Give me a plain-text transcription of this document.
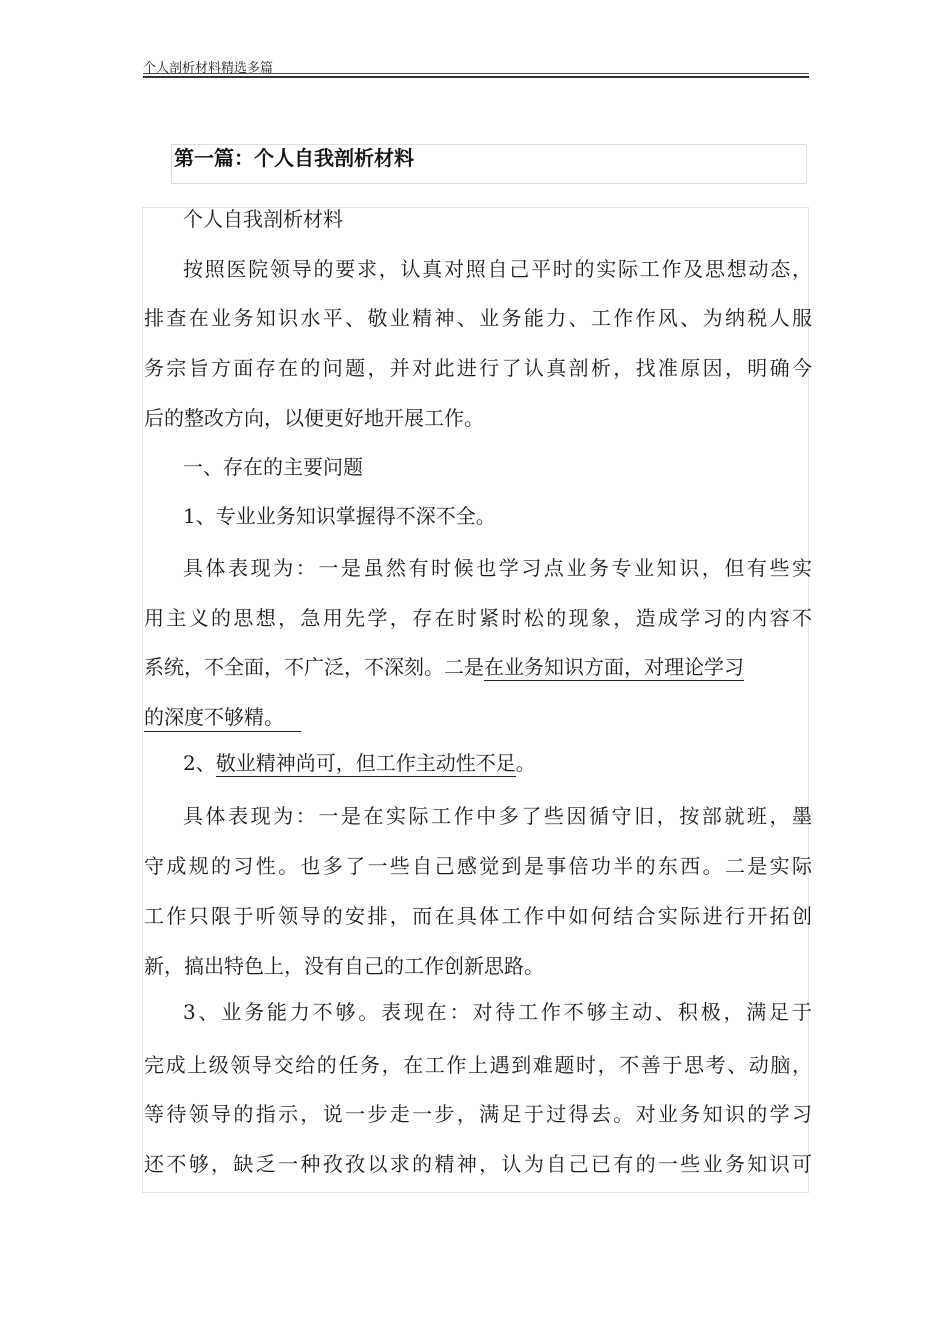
个人剖析材料精选多篇
第一篇：个人自我剖析材料
个人自我剖析材料
按照医院领导的要求，认真对照自己平时的实际工作及思想动态，
排查在业务知识水平、敬业精神、业务能力、工作作风、为纳税人服
务宗旨方面存在的问题，并对此进行了认真剖析，找准原因，明确今
后的整改方向，以便更好地开展工作。
一、存在的主要问题
1、专业业务知识掌握得不深不全。
具体表现为：一是虽然有时候也学习点业务专业知识，但有些实
用主义的思想，急用先学，存在时紧时松的现象，造成学习的内容不
系统，不全面，不广泛，不深刻。二是在业务知识方面，对理论学习
的深度不够精。
2、敬业精神尚可，但工作主动性不足。
具体表现为：一是在实际工作中多了些因循守旧，按部就班，墨
守成规的习性。也多了一些自己感觉到是事倍功半的东西。二是实际
工作只限于听领导的安排，而在具体工作中如何结合实际进行开拓创
新，搞出特色上，没有自己的工作创新思路。
3、业务能力不够。表现在：对待工作不够主动、积极，满足于
完成上级领导交给的任务，在工作上遇到难题时，不善于思考、动脑，
等待领导的指示，说一步走一步，满足于过得去。对业务知识的学习
还不够，缺乏一种孜孜以求的精神，认为自己已有的一些业务知识可
